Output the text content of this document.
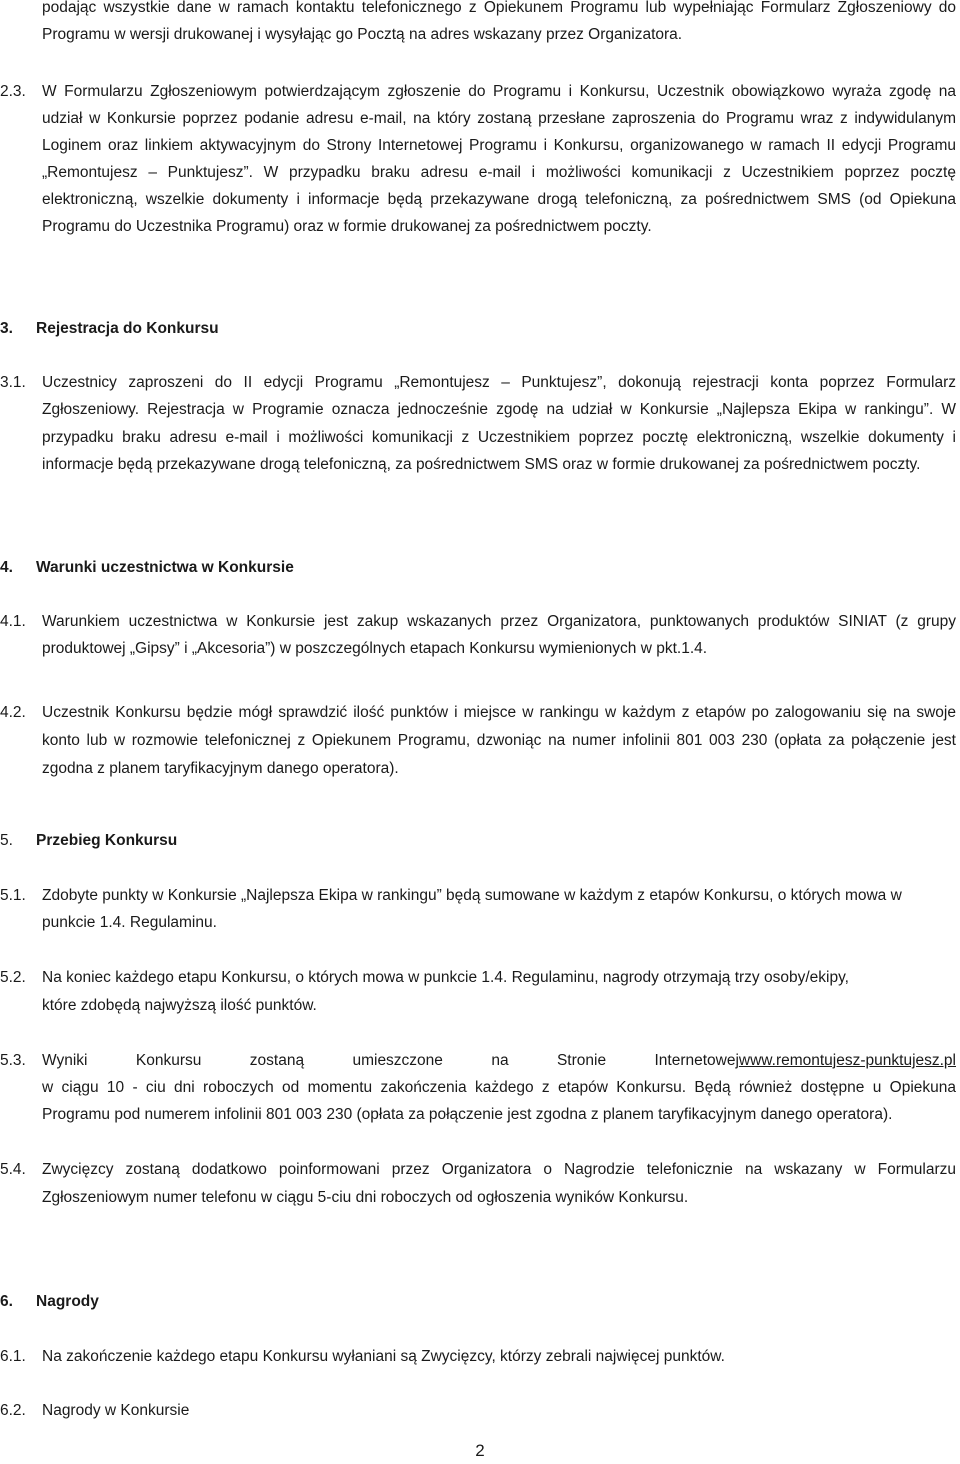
podając wszystkie dane w ramach kontaktu telefonicznego z Opiekunem Programu lub wypełniając Formularz Zgłoszeniowy do Programu w wersji drukowanej i wysyłając go Pocztą na adres wskazany przez Organizatora.
2.3. W Formularzu Zgłoszeniowym potwierdzającym zgłoszenie do Programu i Konkursu, Uczestnik obowiązkowo wyraża zgodę na udział w Konkursie poprzez podanie adresu e-mail, na który zostaną przesłane zaproszenia do Programu wraz z indywidulanym Loginem oraz linkiem aktywacyjnym do Strony Internetowej Programu i Konkursu, organizowanego w ramach II edycji Programu „Remontujesz – Punktujesz”. W przypadku braku adresu e-mail i możliwości komunikacji z Uczestnikiem poprzez pocztę elektroniczną, wszelkie dokumenty i informacje będą przekazywane drogą telefoniczną, za pośrednictwem SMS (od Opiekuna Programu do Uczestnika Programu) oraz w formie drukowanej za pośrednictwem poczty.
3. Rejestracja do Konkursu
3.1. Uczestnicy zaproszeni do II edycji Programu „Remontujesz – Punktujesz”, dokonują rejestracji konta poprzez Formularz Zgłoszeniowy. Rejestracja w Programie oznacza jednocześnie zgodę na udział w Konkursie „Najlepsza Ekipa w rankingu”. W przypadku braku adresu e-mail i możliwości komunikacji z Uczestnikiem poprzez pocztę elektroniczną, wszelkie dokumenty i informacje będą przekazywane drogą telefoniczną, za pośrednictwem SMS oraz w formie drukowanej za pośrednictwem poczty.
4. Warunki uczestnictwa w Konkursie
4.1. Warunkiem uczestnictwa w Konkursie jest zakup wskazanych przez Organizatora, punktowanych produktów SINIAT (z grupy produktowej „Gipsy” i „Akcesoria”) w poszczególnych etapach Konkursu wymienionych w pkt.1.4.
4.2. Uczestnik Konkursu będzie mógł sprawdzić ilość punktów i miejsce w rankingu w każdym z etapów po zalogowaniu się na swoje konto lub w rozmowie telefonicznej z Opiekunem Programu, dzwoniąc na numer infolinii 801 003 230 (opłata za połączenie jest zgodna z planem taryfikacyjnym danego operatora).
5. Przebieg Konkursu
5.1. Zdobyte punkty w Konkursie „Najlepsza Ekipa w rankingu” będą sumowane w każdym z etapów Konkursu, o których mowa w punkcie 1.4. Regulaminu.
5.2. Na koniec każdego etapu Konkursu, o których mowa w punkcie 1.4. Regulaminu, nagrody otrzymają trzy osoby/ekipy, które zdobędą najwyższą ilość punktów.
5.3. Wyniki Konkursu zostaną umieszczone na Stronie Internetowej www.remontujesz-punktujesz.pl
w ciągu 10 - ciu dni roboczych od momentu zakończenia każdego z etapów Konkursu. Będą również dostępne u Opiekuna Programu pod numerem infolinii 801 003 230 (opłata za połączenie jest zgodna z planem taryfikacyjnym danego operatora).
5.4. Zwycięzcy zostaną dodatkowo poinformowani przez Organizatora o Nagrodzie telefonicznie na wskazany w Formularzu Zgłoszeniowym numer telefonu w ciągu 5-ciu dni roboczych od ogłoszenia wyników Konkursu.
6. Nagrody
6.1. Na zakończenie każdego etapu Konkursu wyłaniani są Zwycięzcy, którzy zebrali najwięcej punktów.
6.2. Nagrody w Konkursie
2
